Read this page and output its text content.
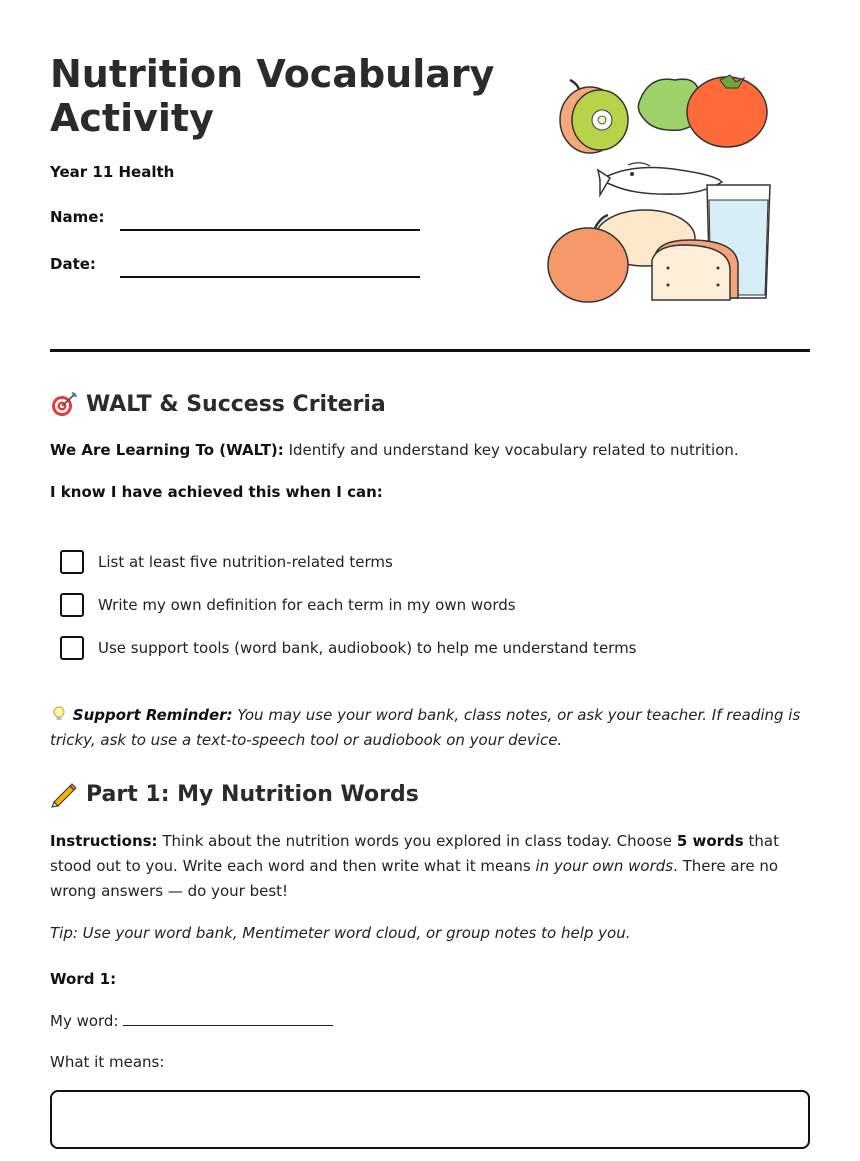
Nutrition Vocabulary Activity
Year 11 Health
Name:
Date:
WALT & Success Criteria
We Are Learning To (WALT): Identify and understand key vocabulary related to nutrition.
I know I have achieved this when I can:
List at least five nutrition-related terms
Write my own definition for each term in my own words
Use support tools (word bank, audiobook) to help me understand terms
Support Reminder: You may use your word bank, class notes, or ask your teacher. If reading is tricky, ask to use a text-to-speech tool or audiobook on your device.
Part 1: My Nutrition Words
Instructions: Think about the nutrition words you explored in class today. Choose 5 words that stood out to you. Write each word and then write what it means in your own words. There are no wrong answers — do your best!
Tip: Use your word bank, Mentimeter word cloud, or group notes to help you.
Word 1:
My word:
What it means:
